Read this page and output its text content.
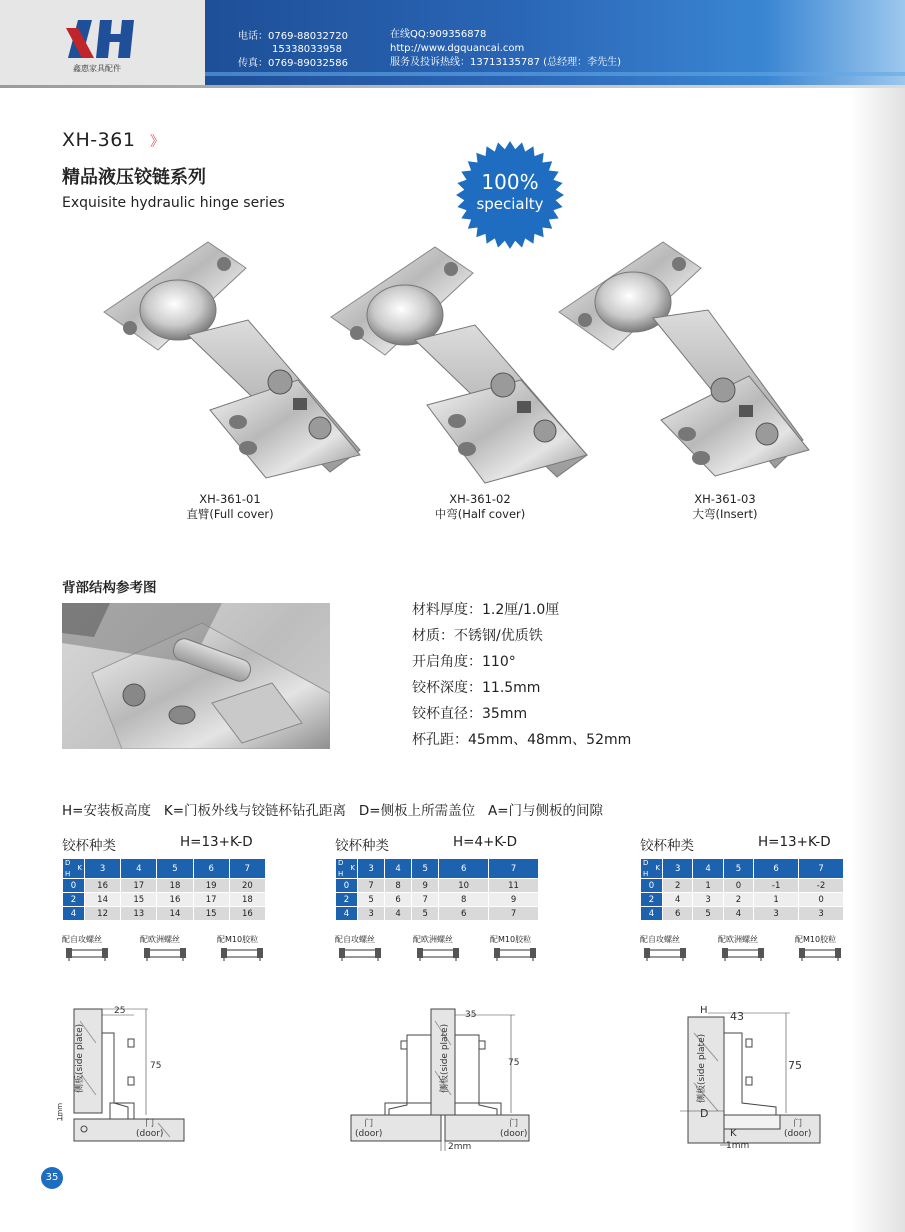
鑫惠家具配件
电话：0769-88032720
15338033958
传真：0769-89032586
在线QQ:909356878
http://www.dgquancai.com
服务及投诉热线：13713135787 (总经理：李先生)
XH-361 》
精品液压铰链系列
Exquisite hydraulic hinge series
100%
specialty
XH-361-01
直臂(Full cover)
XH-361-02
中弯(Half cover)
XH-361-03
大弯(Insert)
背部结构参考图
材料厚度：1.2厘/1.0厘
材质：不锈钢/优质铁
开启角度：110°
铰杯深度：11.5mm
铰杯直径：35mm
杯孔距：45mm、48mm、52mm
H=安装板高度   K=门板外线与铰链杯钻孔距离   D=侧板上所需盖位   A=门与侧板的间隙
铰杯种类	H=13+K-D
D
K
H	3	4	5	6	7
0	16	17	18	19	20
2	14	15	16	17	18
4	12	13	14	15	16
配自攻螺丝	配欧洲螺丝	配M10胶粒
铰杯种类	H=4+K-D
D
K
H	3	4	5	6	7
0	7	8	9	10	11
2	5	6	7	8	9
4	3	4	5	6	7
配自攻螺丝	配欧洲螺丝	配M10胶粒
铰杯种类	H=13+K-D
D
K
H	3	4	5	6	7
0	2	1	0	-1	-2
2	4	3	2	1	0
4	6	5	4	3	3
配自攻螺丝	配欧洲螺丝	配M10胶粒
25
75
侧板(side plate)
门
(door)
1mm
35
75
侧板(side plate)
门
(door)
门
(door)
2mm
H 43
75
D
K
1mm
侧板(side plate)
门
(door)
35
